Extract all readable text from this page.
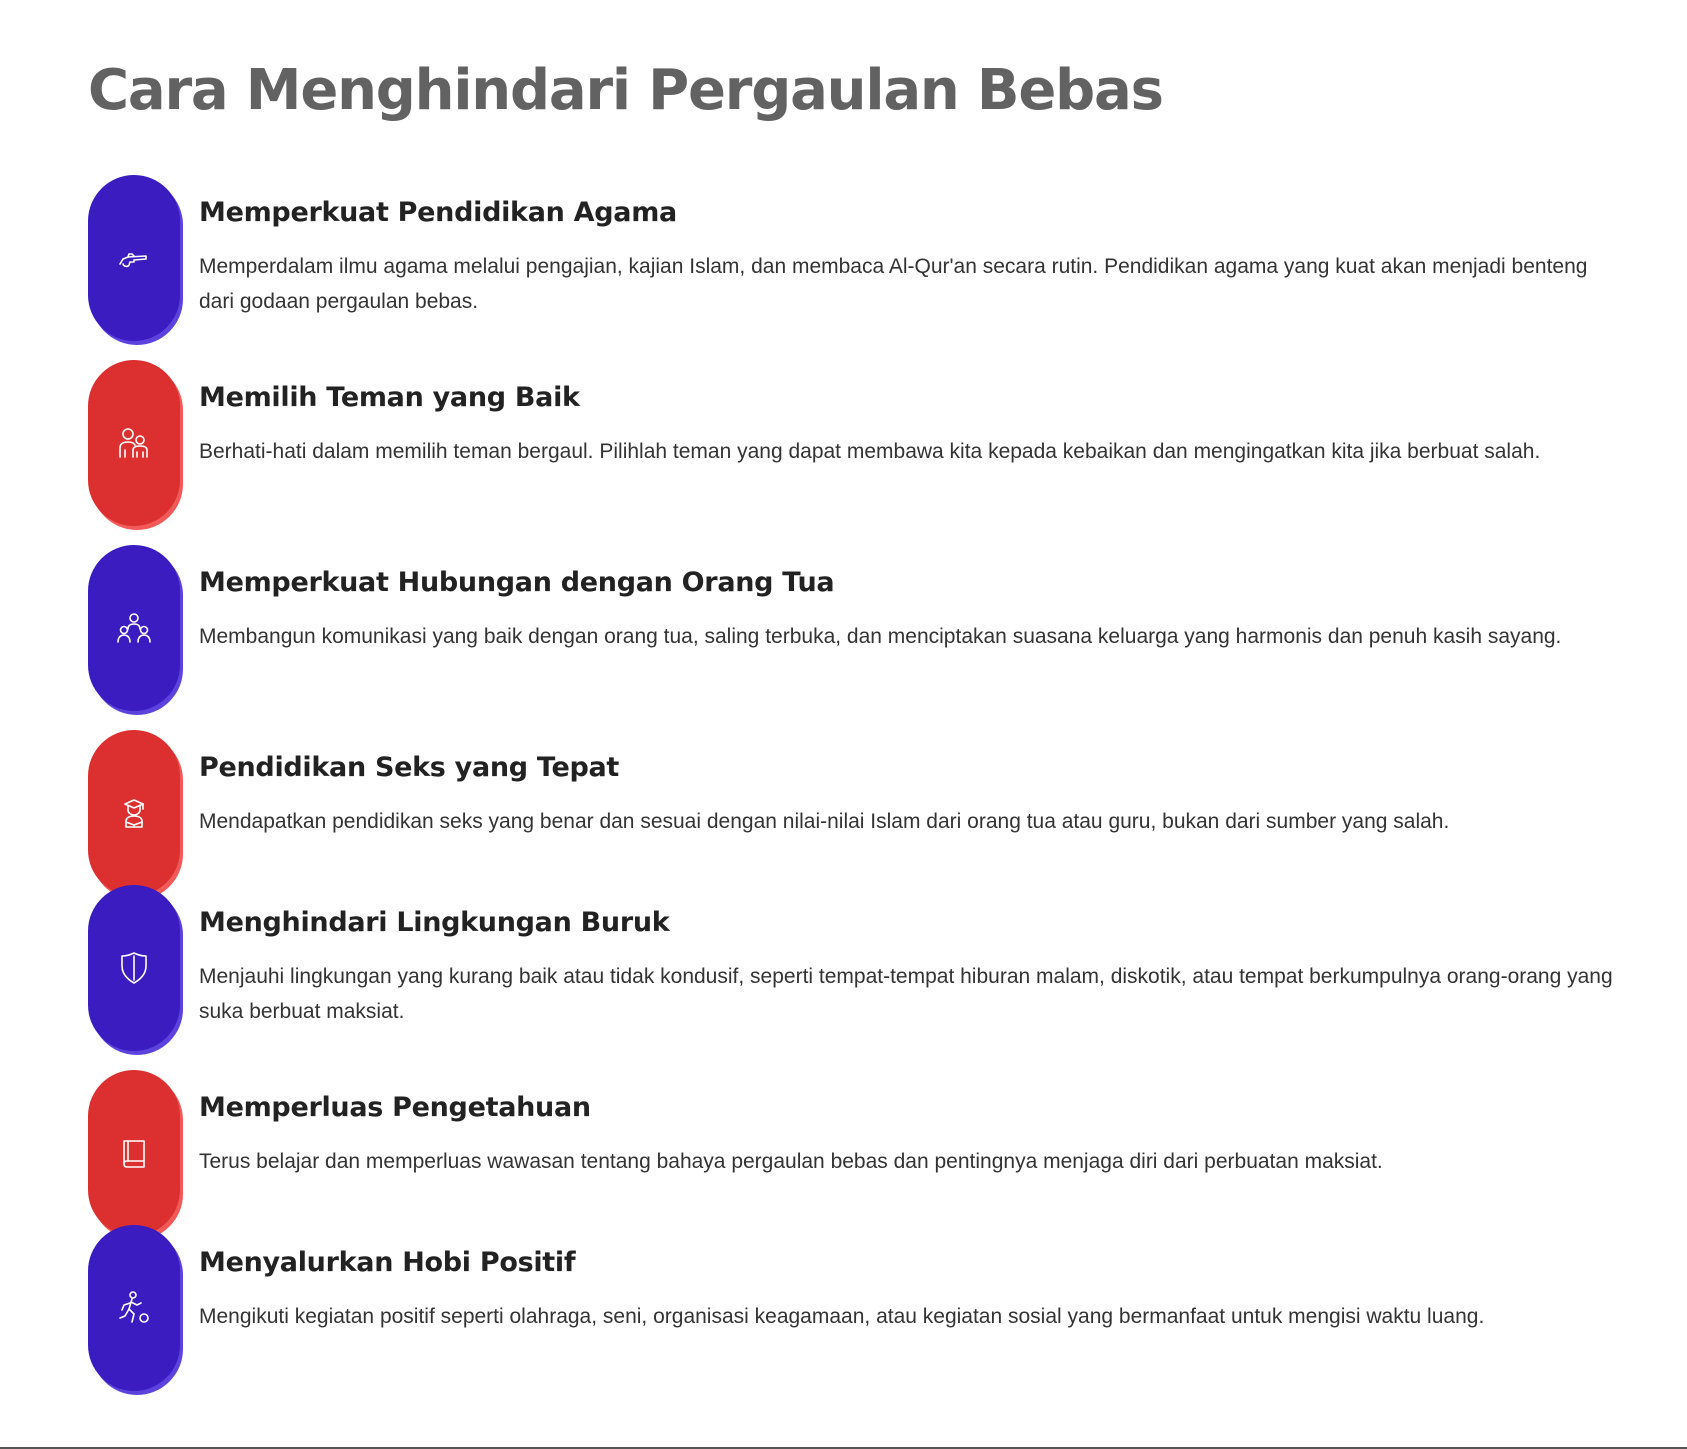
Cara Menghindari Pergaulan Bebas
Memperkuat Pendidikan Agama

Memperdalam ilmu agama melalui pengajian, kajian Islam, dan membaca Al-Qur'an secara rutin. Pendidikan agama yang kuat akan menjadi benteng dari godaan pergaulan bebas.

Memilih Teman yang Baik

Berhati-hati dalam memilih teman bergaul. Pilihlah teman yang dapat membawa kita kepada kebaikan dan mengingatkan kita jika berbuat salah.

Memperkuat Hubungan dengan Orang Tua

Membangun komunikasi yang baik dengan orang tua, saling terbuka, dan menciptakan suasana keluarga yang harmonis dan penuh kasih sayang.

Pendidikan Seks yang Tepat

Mendapatkan pendidikan seks yang benar dan sesuai dengan nilai-nilai Islam dari orang tua atau guru, bukan dari sumber yang salah.

Menghindari Lingkungan Buruk

Menjauhi lingkungan yang kurang baik atau tidak kondusif, seperti tempat-tempat hiburan malam, diskotik, atau tempat berkumpulnya orang-orang yang suka berbuat maksiat.

Memperluas Pengetahuan

Terus belajar dan memperluas wawasan tentang bahaya pergaulan bebas dan pentingnya menjaga diri dari perbuatan maksiat.

Menyalurkan Hobi Positif

Mengikuti kegiatan positif seperti olahraga, seni, organisasi keagamaan, atau kegiatan sosial yang bermanfaat untuk mengisi waktu luang.
